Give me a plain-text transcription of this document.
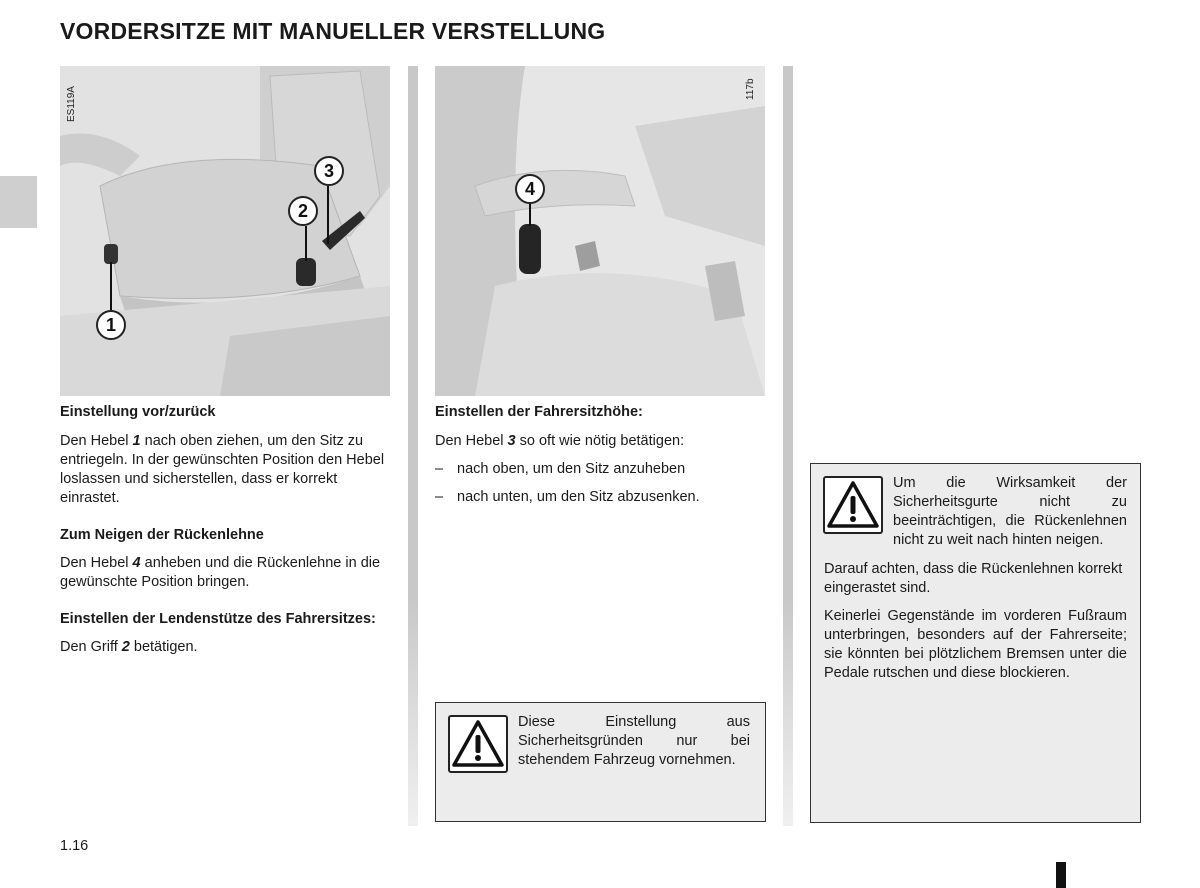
VORDERSITZE MIT MANUELLER VERSTELLUNG
ES119A
1
2
3
117b
4

Einstellung vor/zurück

Den Hebel 1 nach oben ziehen, um den Sitz zu entriegeln. In der gewünschten Position den Hebel loslassen und sicherstellen, dass er korrekt einrastet.

Zum Neigen der Rückenlehne

Den Hebel 4 anheben und die Rückenlehne in die gewünschte Position bringen.

Einstellen der Lendenstütze des Fahrersitzes:

Den Griff 2 betätigen.

Einstellen der Fahrersitzhöhe:

Den Hebel 3 so oft wie nötig betätigen:

– nach oben, um den Sitz anzuheben
– nach unten, um den Sitz abzusenken.
Diese Einstellung aus Sicherheitsgründen nur bei stehendem Fahrzeug vornehmen.
Um die Wirksamkeit der Sicherheitsgurte nicht zu beeinträchtigen, die Rückenlehnen nicht zu weit nach hinten neigen.
Darauf achten, dass die Rückenlehnen korrekt eingerastet sind.
Keinerlei Gegenstände im vorderen Fußraum unterbringen, besonders auf der Fahrerseite; sie könnten bei plötzlichem Bremsen unter die Pedale rutschen und diese blockieren.
1.16
